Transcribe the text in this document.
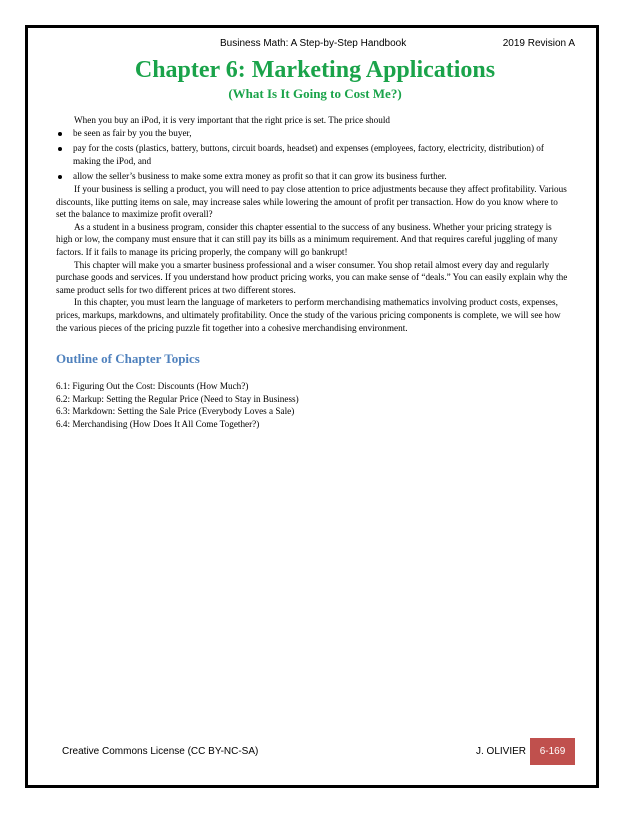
Business Math: A Step-by-Step Handbook	2019 Revision A
Chapter 6: Marketing Applications
(What Is It Going to Cost Me?)

When you buy an iPod, it is very important that the right price is set. The price should

be seen as fair by you the buyer,
pay for the costs (plastics, battery, buttons, circuit boards, headset) and expenses (employees, factory, electricity, distribution) of making the iPod, and
allow the seller’s business to make some extra money as profit so that it can grow its business further.

If your business is selling a product, you will need to pay close attention to price adjustments because they affect profitability. Various discounts, like putting items on sale, may increase sales while lowering the amount of profit per transaction. How do you know where to set the balance to maximize profit overall?

As a student in a business program, consider this chapter essential to the success of any business. Whether your pricing strategy is high or low, the company must ensure that it can still pay its bills as a minimum requirement. And that requires careful juggling of many factors. If it fails to manage its pricing properly, the company will go bankrupt!

This chapter will make you a smarter business professional and a wiser consumer. You shop retail almost every day and regularly purchase goods and services. If you understand how product pricing works, you can make sense of “deals.” You can easily explain why the same product sells for two different prices at two different stores.

In this chapter, you must learn the language of marketers to perform merchandising mathematics involving product costs, expenses, prices, markups, markdowns, and ultimately profitability. Once the study of the various pricing components is complete, we will see how the various pieces of the pricing puzzle fit together into a cohesive merchandising environment.

Outline of Chapter Topics
6.1: Figuring Out the Cost: Discounts (How Much?)
6.2: Markup: Setting the Regular Price (Need to Stay in Business)
6.3: Markdown: Setting the Sale Price (Everybody Loves a Sale)
6.4: Merchandising (How Does It All Come Together?)
Creative Commons License (CC BY-NC-SA)	J. OLIVIER	6-169
